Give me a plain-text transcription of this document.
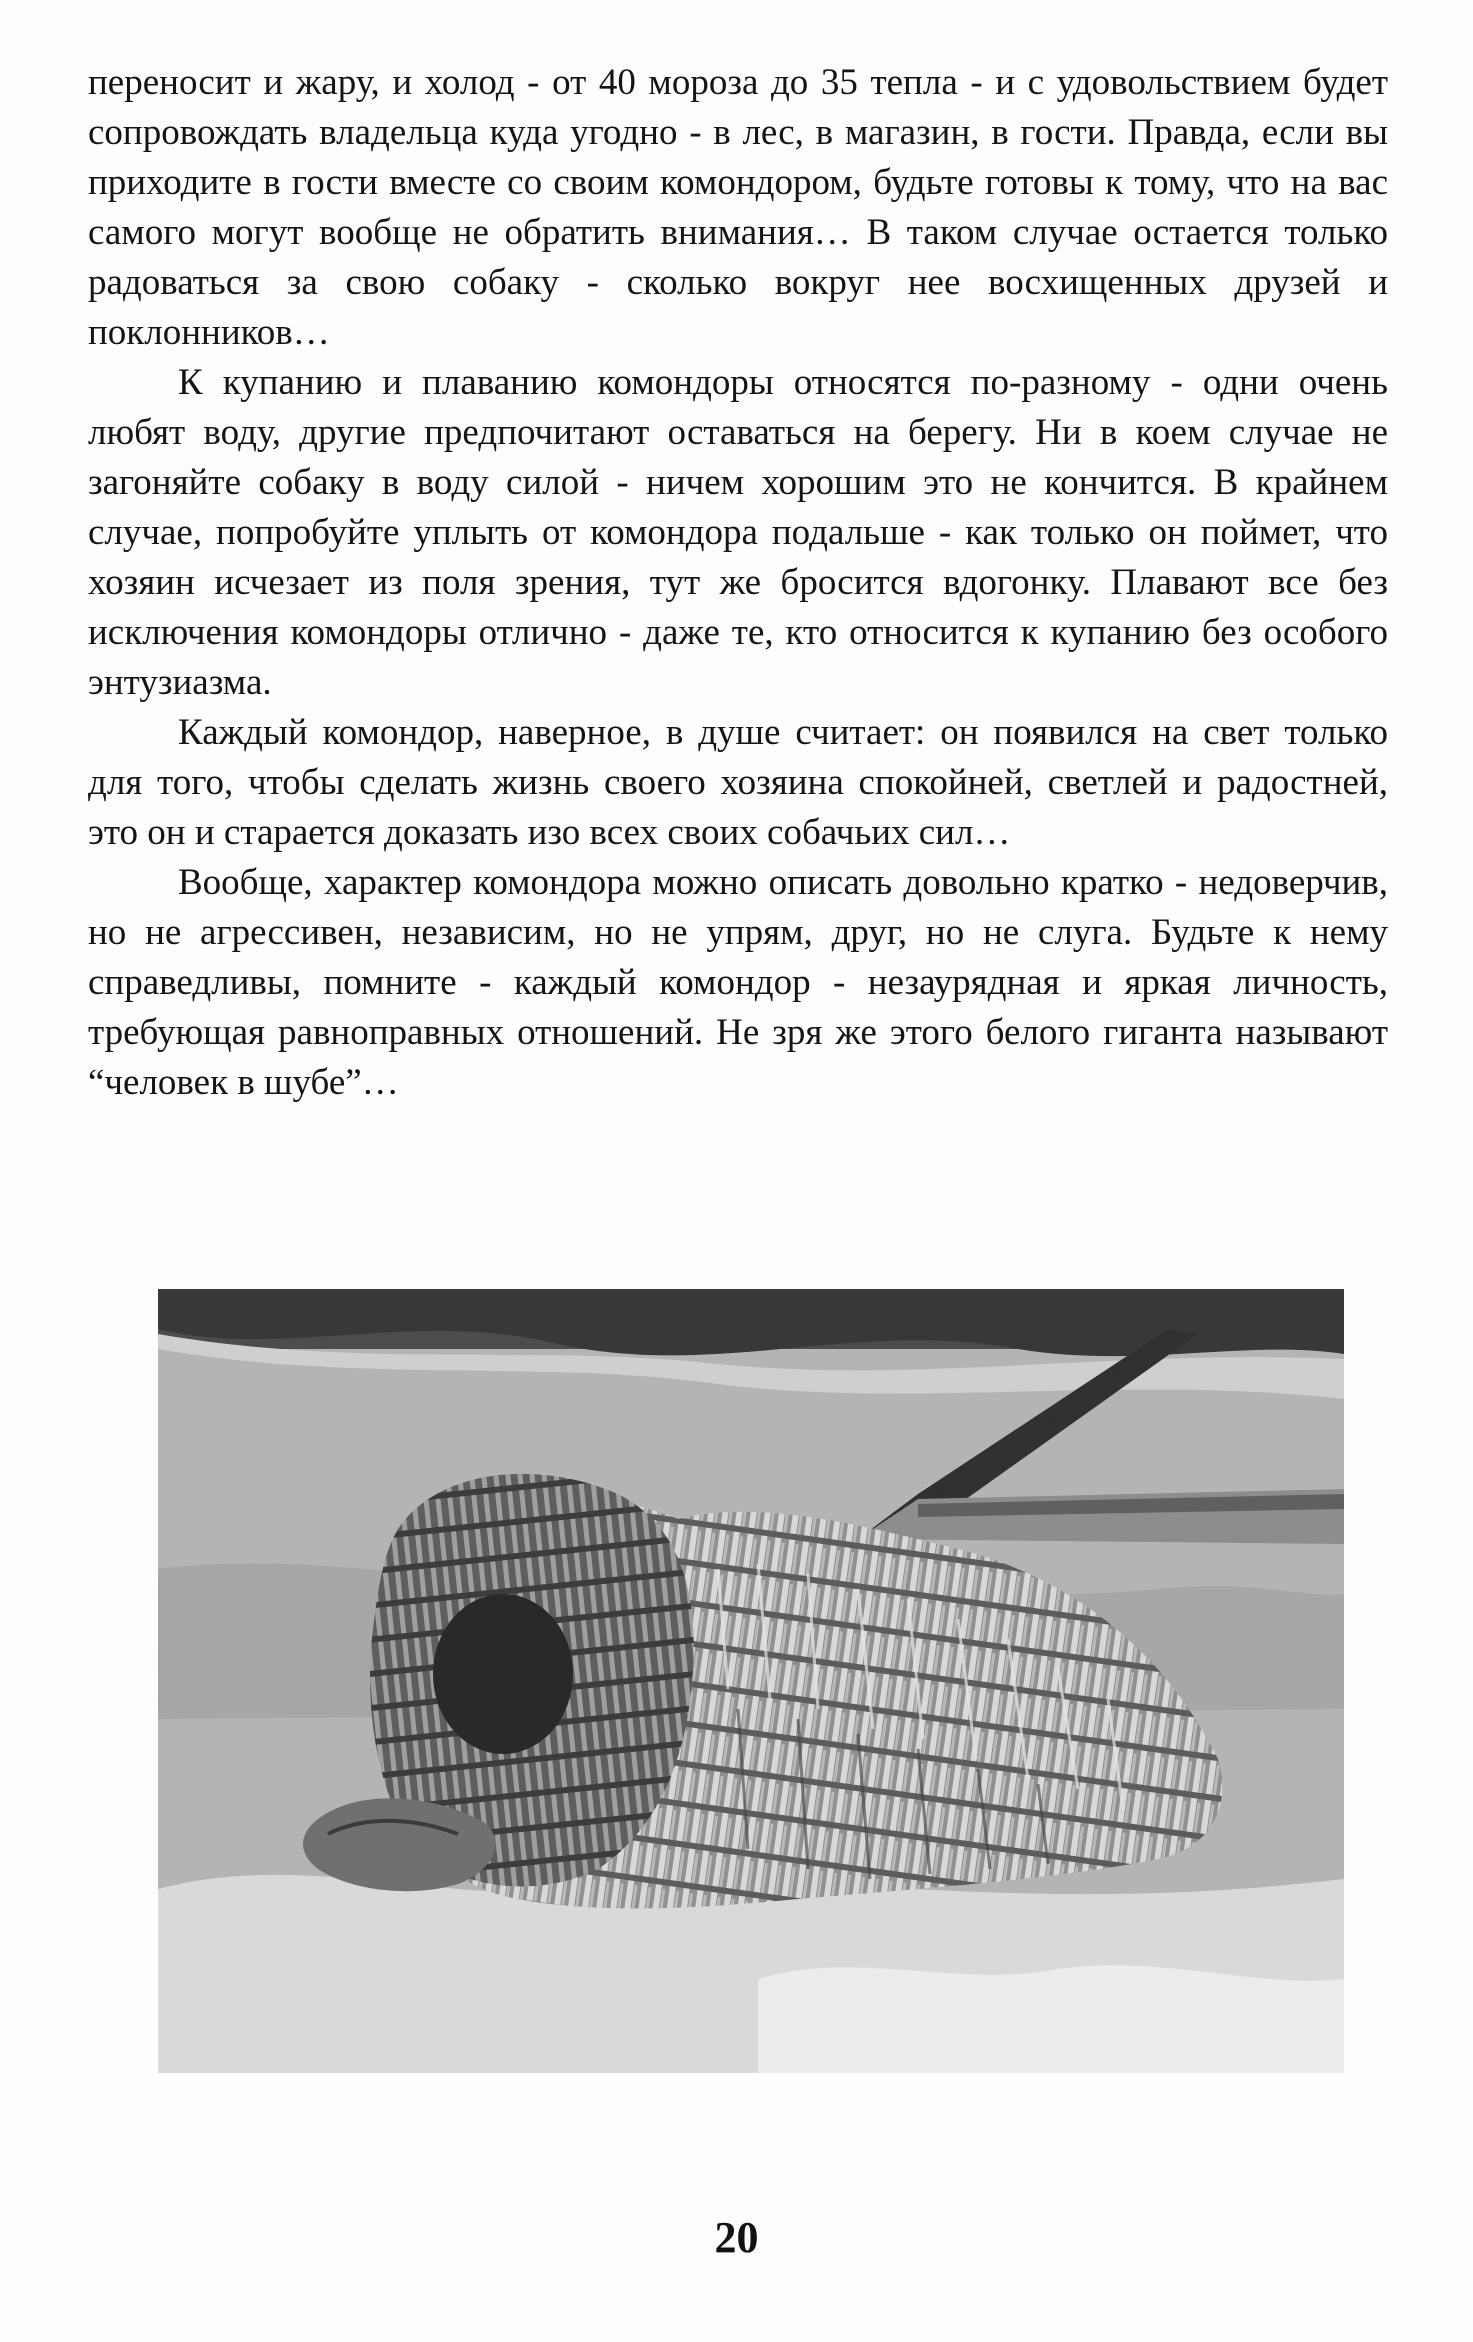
переносит и жару, и холод - от 40 мороза до 35 тепла - и с удовольствием будет сопровождать владельца куда угодно - в лес, в магазин, в гости. Правда, если вы приходите в гости вместе со своим комондором, будьте готовы к тому, что на вас самого могут вообще не обратить внимания… В таком случае остается только радоваться за свою собаку - сколько вокруг нее восхищенных друзей и поклонников…

К купанию и плаванию комондоры относятся по-разному - одни очень любят воду, другие предпочитают оставаться на берегу. Ни в коем случае не загоняйте собаку в воду силой - ничем хорошим это не кончится. В крайнем случае, попробуйте уплыть от комондора подальше - как только он поймет, что хозяин исчезает из поля зрения, тут же бросится вдогонку. Плавают все без исключения комондоры отлично - даже те, кто относится к купанию без особого энтузиазма.

Каждый комондор, наверное, в душе считает: он появился на свет только для того, чтобы сделать жизнь своего хозяина спокойней, светлей и радостней, это он и старается доказать изо всех своих собачьих сил…

Вообще, характер комондора можно описать довольно кратко - недоверчив, но не агрессивен, независим, но не упрям, друг, но не слуга. Будьте к нему справедливы, помните - каждый комондор - незаурядная и яркая личность, требующая равноправных отношений. Не зря же этого белого гиганта называют “человек в шубе”…

20
